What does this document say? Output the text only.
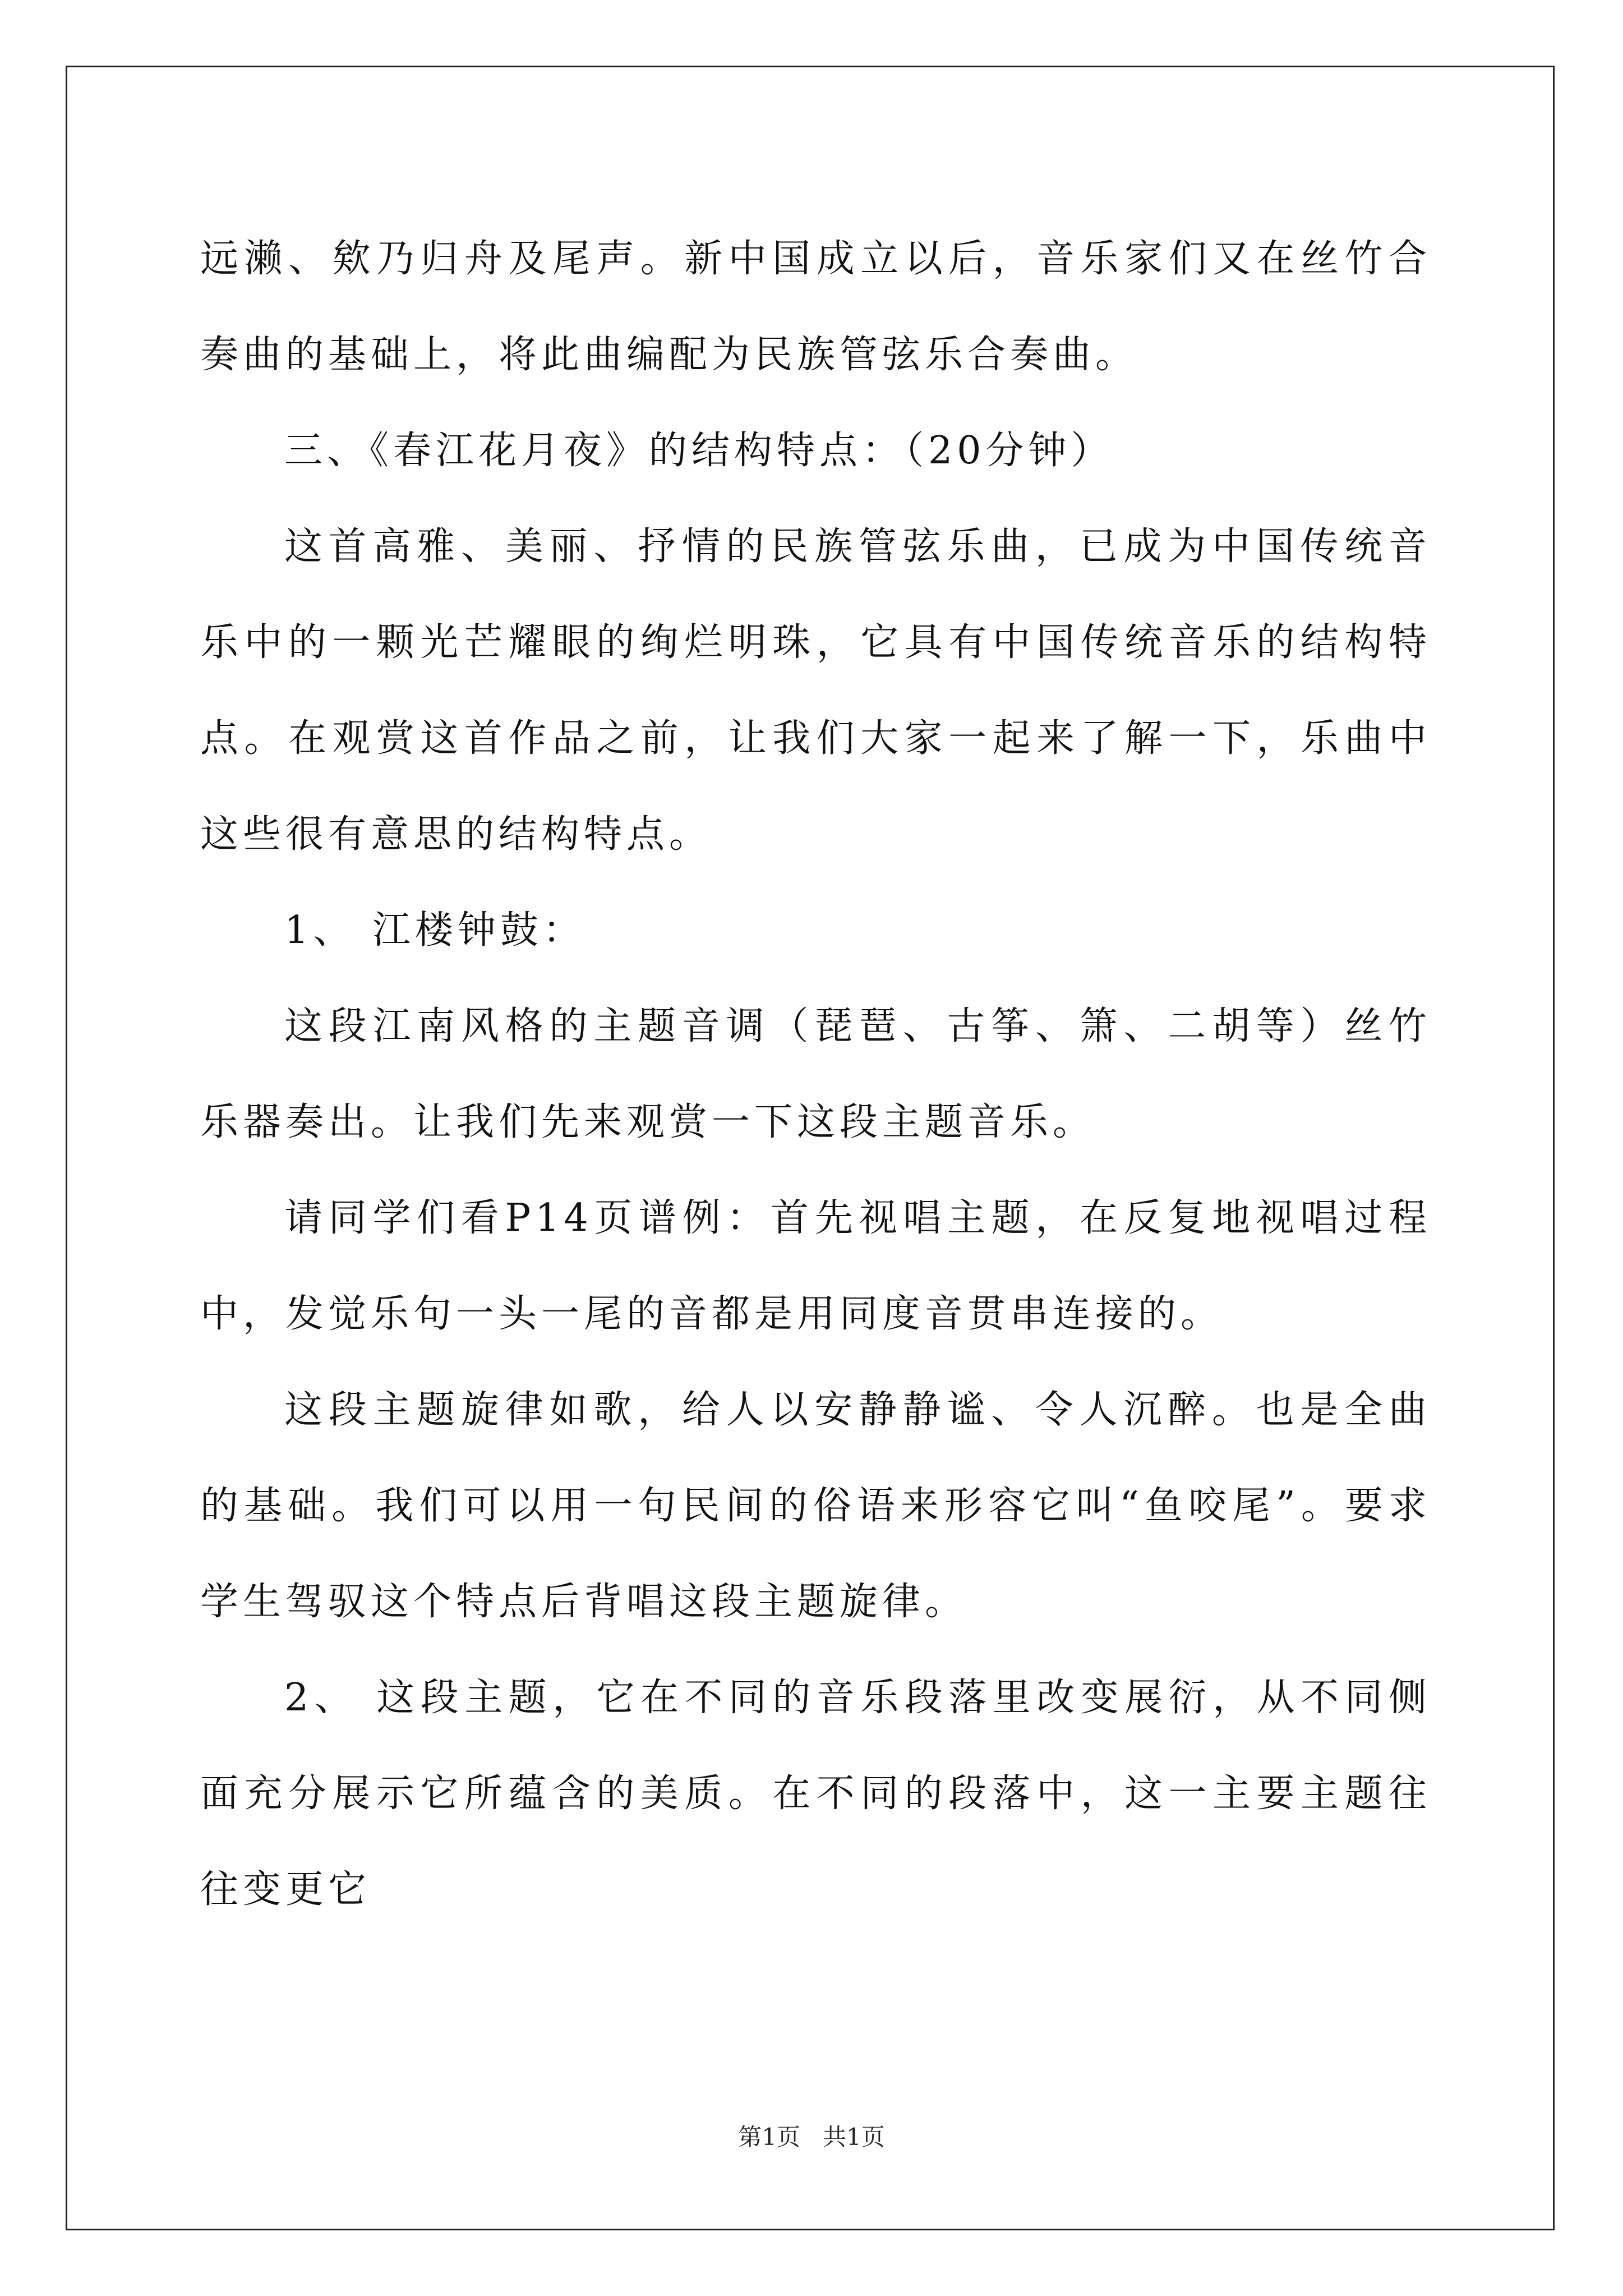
远濑、欸乃归舟及尾声。新中国成立以后，音乐家们又在丝竹合奏曲的基础上，将此曲编配为民族管弦乐合奏曲。

三、《春江花月夜》的结构特点：（20分钟）

这首高雅、美丽、抒情的民族管弦乐曲，已成为中国传统音乐中的一颗光芒耀眼的绚烂明珠，它具有中国传统音乐的结构特点。在观赏这首作品之前，让我们大家一起来了解一下，乐曲中这些很有意思的结构特点。

1、 江楼钟鼓：

这段江南风格的主题音调（琵琶、古筝、箫、二胡等）丝竹乐器奏出。让我们先来观赏一下这段主题音乐。

请同学们看P14页谱例：首先视唱主题，在反复地视唱过程中，发觉乐句一头一尾的音都是用同度音贯串连接的。

这段主题旋律如歌，给人以安静静谧、令人沉醉。也是全曲的基础。我们可以用一句民间的俗语来形容它叫“鱼咬尾”。要求学生驾驭这个特点后背唱这段主题旋律。

2、 这段主题，它在不同的音乐段落里改变展衍，从不同侧面充分展示它所蕴含的美质。在不同的段落中，这一主要主题往往变更它

第1页 共1页
